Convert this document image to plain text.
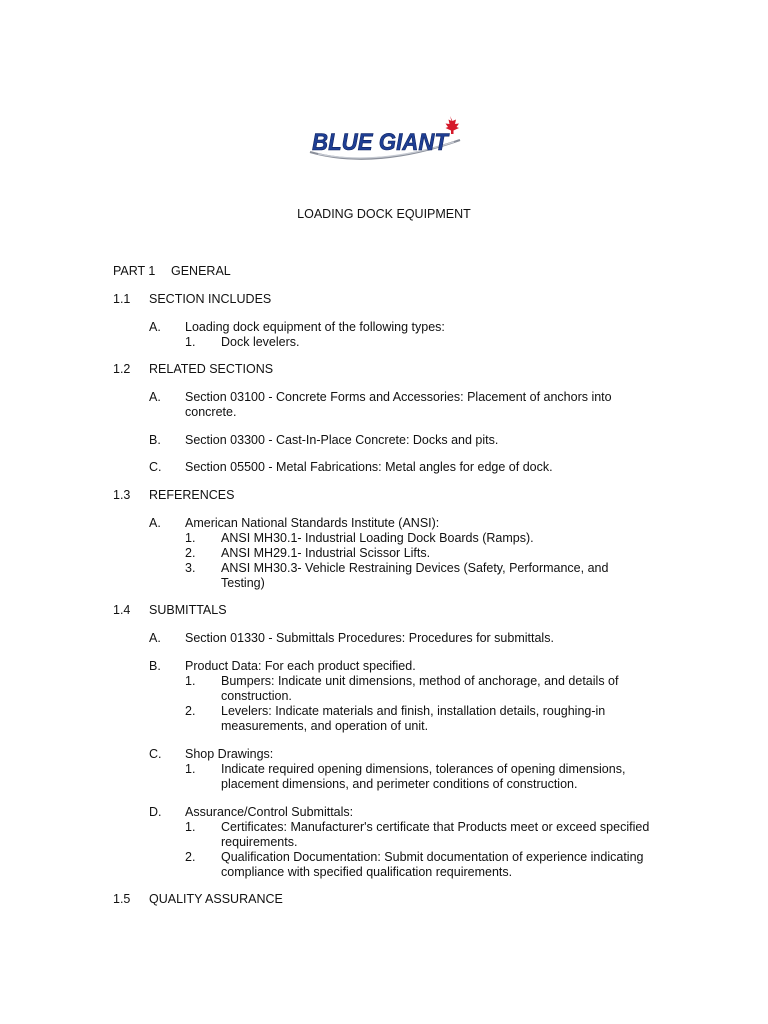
BLUE GIANT
LOADING DOCK EQUIPMENT
PART 1 GENERAL
1.1 SECTION INCLUDES
A. Loading dock equipment of the following types:
1. Dock levelers.
1.2 RELATED SECTIONS
A. Section 03100 - Concrete Forms and Accessories: Placement of anchors into
concrete.
B. Section 03300 - Cast-In-Place Concrete: Docks and pits.
C. Section 05500 - Metal Fabrications: Metal angles for edge of dock.
1.3 REFERENCES
A. American National Standards Institute (ANSI):
1. ANSI MH30.1- Industrial Loading Dock Boards (Ramps).
2. ANSI MH29.1- Industrial Scissor Lifts.
3. ANSI MH30.3- Vehicle Restraining Devices (Safety, Performance, and
Testing)
1.4 SUBMITTALS
A. Section 01330 - Submittals Procedures: Procedures for submittals.
B. Product Data: For each product specified.
1. Bumpers: Indicate unit dimensions, method of anchorage, and details of
construction.
2. Levelers: Indicate materials and finish, installation details, roughing-in
measurements, and operation of unit.
C. Shop Drawings:
1. Indicate required opening dimensions, tolerances of opening dimensions,
placement dimensions, and perimeter conditions of construction.
D. Assurance/Control Submittals:
1. Certificates: Manufacturer's certificate that Products meet or exceed specified
requirements.
2. Qualification Documentation: Submit documentation of experience indicating
compliance with specified qualification requirements.
1.5 QUALITY ASSURANCE
